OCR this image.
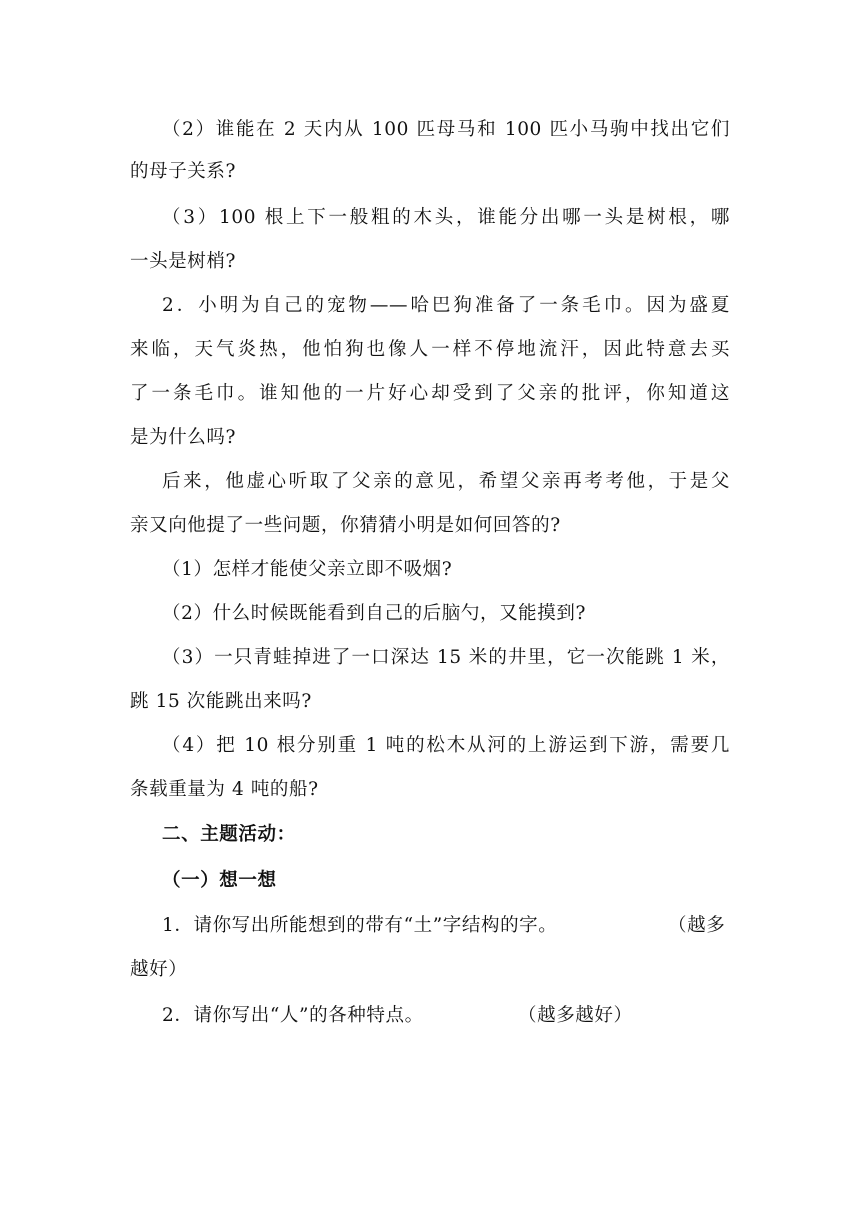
（2）谁能在 2 天内从 100 匹母马和 100 匹小马驹中找出它们

的母子关系?

（3）100 根上下一般粗的木头，谁能分出哪一头是树根，哪

一头是树梢?

2．小明为自己的宠物——哈巴狗准备了一条毛巾。因为盛夏

来临，天气炎热，他怕狗也像人一样不停地流汗，因此特意去买

了一条毛巾。谁知他的一片好心却受到了父亲的批评，你知道这

是为什么吗?

后来，他虚心听取了父亲的意见，希望父亲再考考他，于是父

亲又向他提了一些问题，你猜猜小明是如何回答的?

（1）怎样才能使父亲立即不吸烟?

（2）什么时候既能看到自己的后脑勺，又能摸到?

（3）一只青蛙掉进了一口深达 15 米的井里，它一次能跳 1 米，

跳 15 次能跳出来吗?

（4）把 10 根分别重 1 吨的松木从河的上游运到下游，需要几

条载重量为 4 吨的船?

二、主题活动：

（一）想一想

1．请你写出所能想到的带有“土”字结构的字。	（越多

越好）

2．请你写出“人”的各种特点。	（越多越好）
